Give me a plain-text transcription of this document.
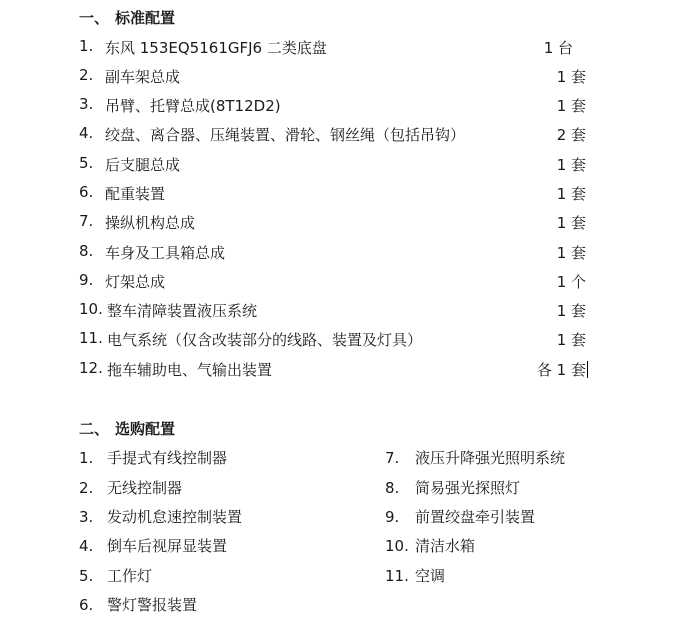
一、 标准配置
1. 东风 153EQ5161GFJ6 二类底盘	1 台
2. 副车架总成	1 套
3. 吊臂、托臂总成(8T12D2)	1 套
4. 绞盘、离合器、压绳装置、滑轮、钢丝绳（包括吊钩）	2 套
5. 后支腿总成	1 套
6. 配重装置	1 套
7. 操纵机构总成	1 套
8. 车身及工具箱总成	1 套
9. 灯架总成	1 个
10. 整车清障装置液压系统	1 套
11. 电气系统（仅含改装部分的线路、装置及灯具）	1 套
12. 拖车辅助电、气输出装置	各 1 套
二、 选购配置
1. 手提式有线控制器
2. 无线控制器
3. 发动机怠速控制装置
4. 倒车后视屏显装置
5. 工作灯
6. 警灯警报装置
7. 液压升降强光照明系统
8. 简易强光探照灯
9. 前置绞盘牵引装置
10. 清洁水箱
11. 空调
